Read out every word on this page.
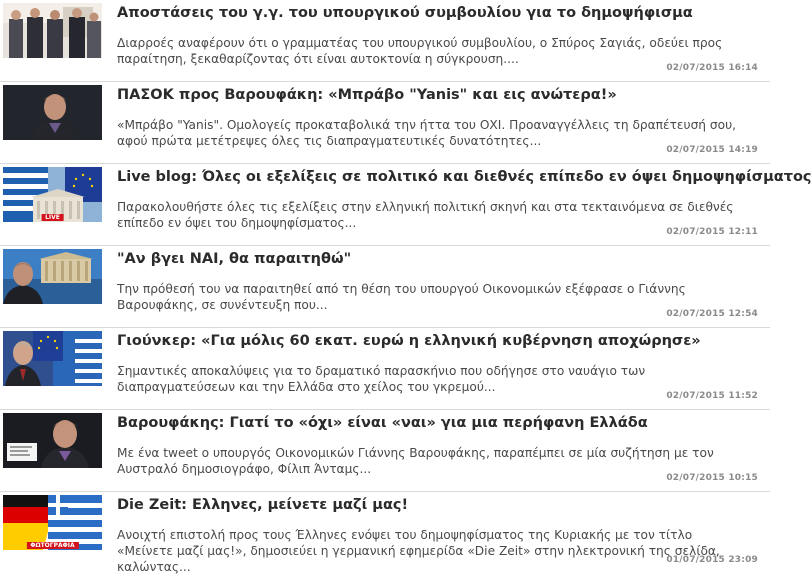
Αποστάσεις του γ.γ. του υπουργικού συμβουλίου για το δημοψήφισμα
Διαρροές αναφέρουν ότι ο γραμματέας του υπουργικού συμβουλίου, ο Σπύρος Σαγιάς, οδεύει προς παραίτηση, ξεκαθαρίζοντας ότι είναι αυτοκτονία η σύγκρουση....
02/07/2015 16:14
ΠΑΣΟΚ προς Βαρουφάκη: «Μπράβο "Yanis" και εις ανώτερα!»
«Μπράβο "Yanis". Ομολογείς προκαταβολικά την ήττα του ΟΧΙ. Προαναγγέλλεις τη δραπέτευσή σου, αφού πρώτα μετέτρεψες όλες τις διαπραγματευτικές δυνατότητες...
02/07/2015 14:19
LIVE
Live blog: Όλες οι εξελίξεις σε πολιτικό και διεθνές επίπεδο εν όψει δημοψηφίσματος
Παρακολουθήστε όλες τις εξελίξεις στην ελληνική πολιτική σκηνή και στα τεκταινόμενα σε διεθνές επίπεδο εν όψει του δημοψηφίσματος...
02/07/2015 12:11
"Αν βγει ΝΑΙ, θα παραιτηθώ"
Την πρόθεσή του να παραιτηθεί από τη θέση του υπουργού Οικονομικών εξέφρασε ο Γιάννης Βαρουφάκης, σε συνέντευξη που...
02/07/2015 12:54
Γιούνκερ: «Για μόλις 60 εκατ. ευρώ η ελληνική κυβέρνηση αποχώρησε»
Σημαντικές αποκαλύψεις για το δραματικό παρασκήνιο που οδήγησε στο ναυάγιο των διαπραγματεύσεων και την Ελλάδα στο χείλος του γκρεμού...
02/07/2015 11:52
Βαρουφάκης: Γιατί το «όχι» είναι «ναι» για μια περήφανη Ελλάδα
Με ένα tweet ο υπουργός Οικονομικών Γιάννης Βαρουφάκης, παραπέμπει σε μία συζήτηση με τον Αυστραλό δημοσιογράφο, Φίλιπ Άνταμς...
02/07/2015 10:15
ΦΩΤΟΓΡΑΦΙΑ
Die Zeit: Ελληνες, μείνετε μαζί μας!
Ανοιχτή επιστολή προς τους Έλληνες ενόψει του δημοψηφίσματος της Κυριακής με τον τίτλο «Μείνετε μαζί μας!», δημοσιεύει η γερμανική εφημερίδα «Die Zeit» στην ηλεκτρονική της σελίδα, καλώντας...	01/07/2015 23:09
